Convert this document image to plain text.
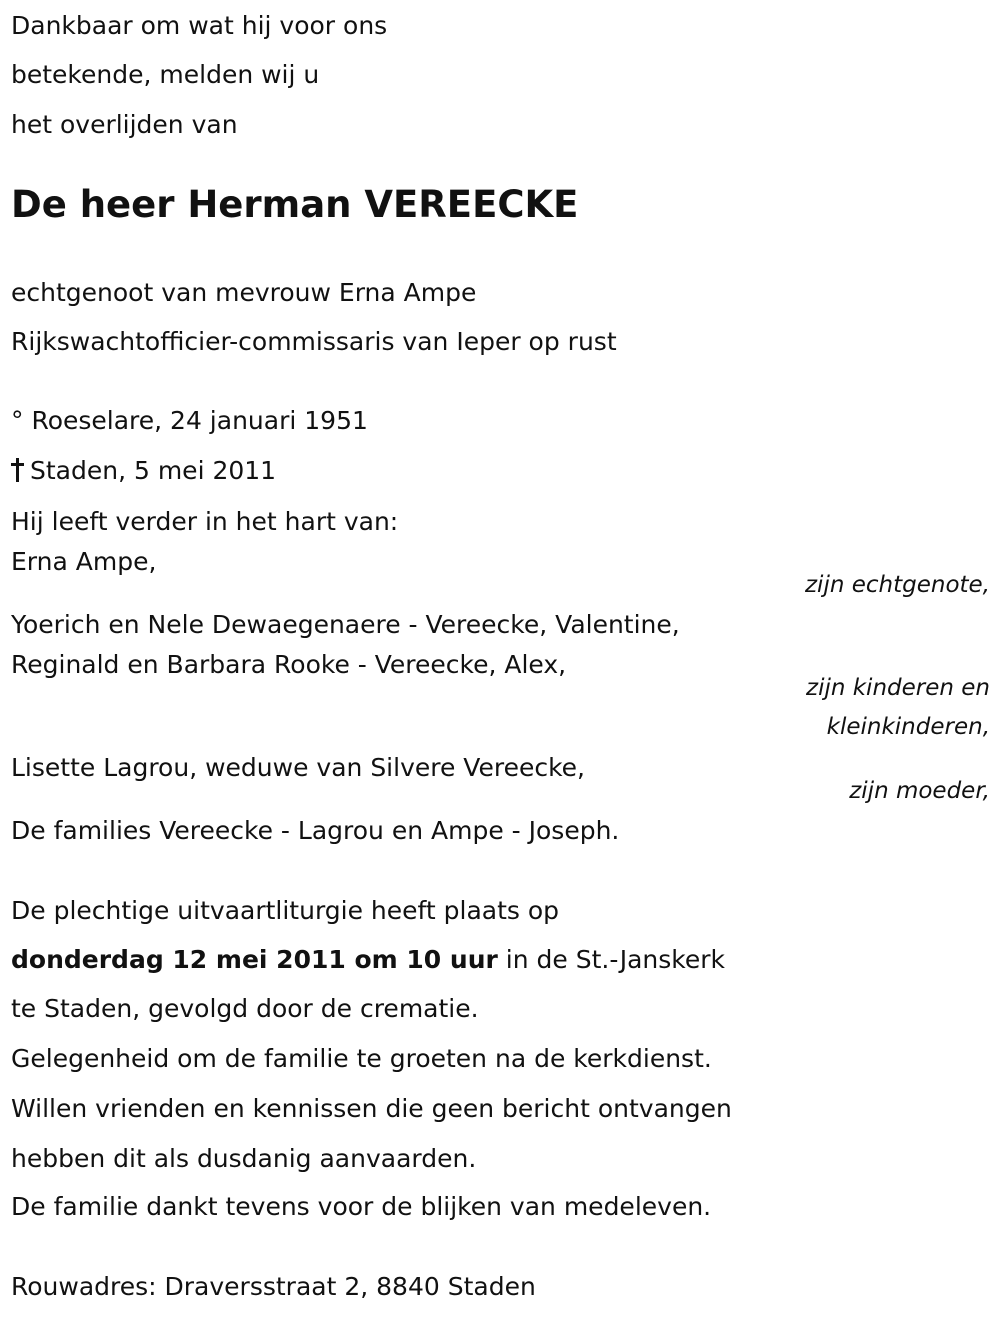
Dankbaar om wat hij voor ons

betekende, melden wij u

het overlijden van

De heer Herman VEREECKE

echtgenoot van mevrouw Erna Ampe

Rijkswachtofficier-commissaris van Ieper op rust

° Roeselare, 24 januari 1951

Staden, 5 mei 2011

Hij leeft verder in het hart van:

Erna Ampe,

zijn echtgenote,

Yoerich en Nele Dewaegenaere - Vereecke, Valentine,

Reginald en Barbara Rooke - Vereecke, Alex,

zijn kinderen en
kleinkinderen,

Lisette Lagrou, weduwe van Silvere Vereecke,

zijn moeder,

De families Vereecke - Lagrou en Ampe - Joseph.

De plechtige uitvaartliturgie heeft plaats op

donderdag 12 mei 2011 om 10 uur in de St.-Janskerk

te Staden, gevolgd door de crematie.

Gelegenheid om de familie te groeten na de kerkdienst.

Willen vrienden en kennissen die geen bericht ontvangen

hebben dit als dusdanig aanvaarden.

De familie dankt tevens voor de blijken van medeleven.

Rouwadres: Draversstraat 2, 8840 Staden
